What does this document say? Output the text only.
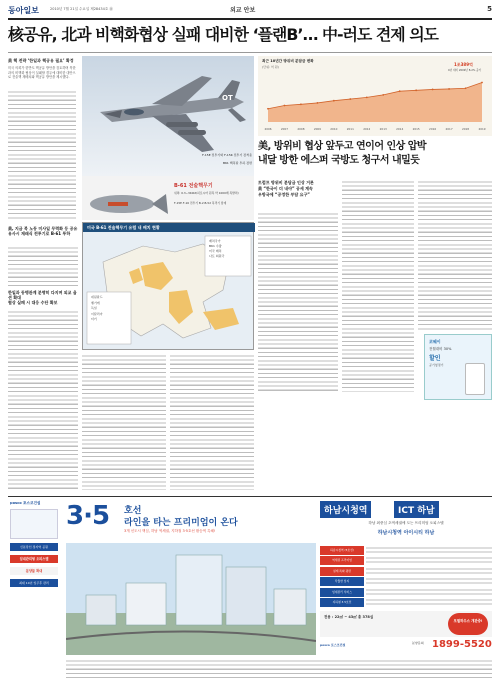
동아일보	2010년 7월 21일 수요일 제28434호 ㊞	외교 안보	5
核공유, 北과 비핵화협상 실패 대비한 ‘플랜B’… 中-러도 견제 의도
美 핵 전략 ‘한일과 핵공유 필요’ 확정
미국 의회가 한반도 핵공유 방안을 검토하며 북한과의 비핵화 협상이 실패할 경우에 대비한 대안으로 전술핵 재배치와 핵공유 방안을 제시했다.
OT
F-15E 전투기와 F-15K 전투기 장착용
B61 핵폭탄 투하 장면
B-61 전술핵무기
위력: 0.3~340kt(히로시마 원폭 약 1000배 폭발력)
F-15E·F-16 전투기 B-2·B-52 폭격기 탑재
미국 B-61 전술핵무기 유럽 내 배치 현황
배치국가
B61 수량
미국 배치
나토 회원국
네덜란드
벨기에
독일
이탈리아
터키
美, 지금 북 노동 미사일 무력화 등 공유
유사시 재래식 전투기로 B-61 투하
한일과 동맹관계 분명히 다지며 외교 옵션 확대
협상 실패 시 대응 수단 확보
최근 10년간 방위비 분담금 변화
(단위: 억 원)	1조389억
9년 대비 2009년 8.2% 증가
2006	2007	2008	2009	2010	2011	2012	2013	2014	2015	2016	2017	2018	2019
美, 방위비 협상 앞두고 연이어 인상 압박
내달 방한 에스퍼 국방도 청구서 내밀듯
트럼프 방위비 분담금 인상 거론
美 “한국이 더 내야” 공세 계속
우방국에 “공정한 부담 요구”
코웨이
전월대비 30%
할인
공기청정기
posco 포스코건설
신분당선 정자역 공원
임대관리형 오피스텔
분양률 확대
최대 10년 입주후 관리
3·5 호선
라인을 타는 프리미엄이 온다
3개 신도시 핵심, 하남 역세권, 지하철 3·5호선 환승역 특혜!
하남시청역	ICT 하남
하남 최중심 초역세권에 도는 프리미엄 오피스텔
하남시청역 아이시티 하남
하남시청역 (5호선)
역세권 프리미엄
설계 특화 평면
탁월한 입지
임대관리 서비스
지하철 3·5호선
전용 : 22㎡ ~ 43㎡ 총 378실
모델하우스 개관중!
posco 포스코건설	분양문의 1899-5520
